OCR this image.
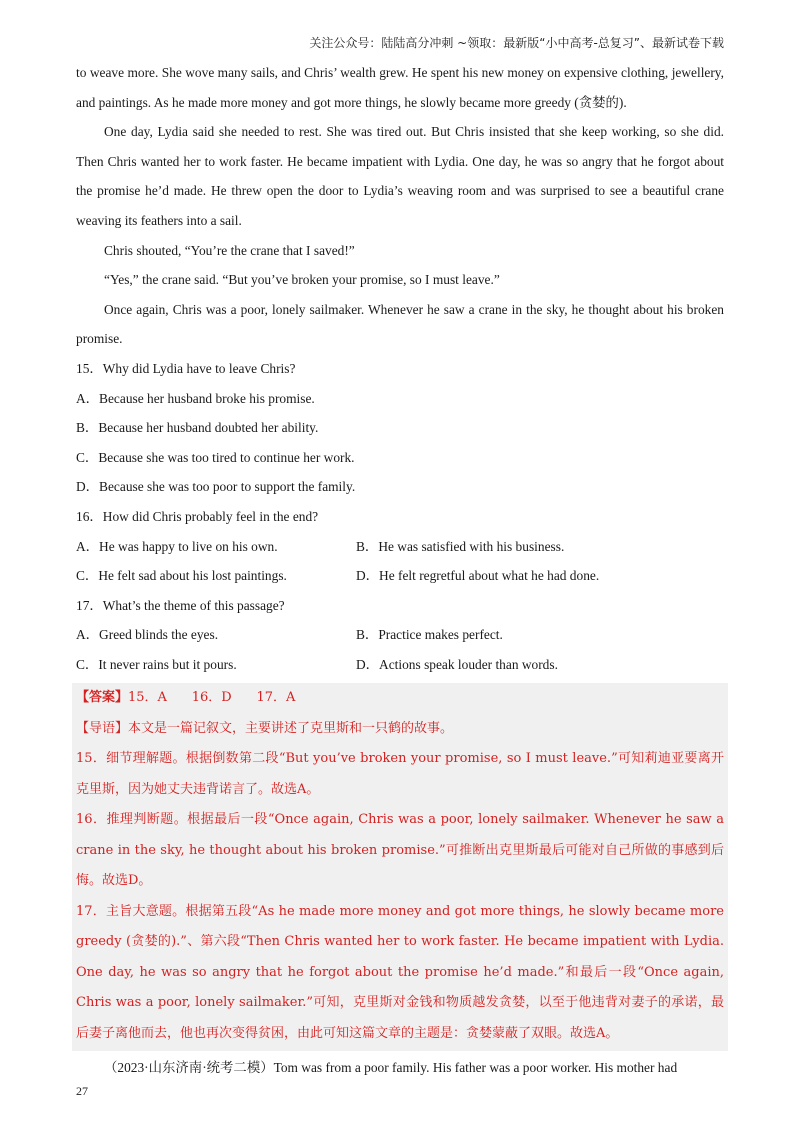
关注公众号：陆陆高分冲刺 ~领取：最新版“小中高考-总复习”、最新试卷下载

to weave more. She wove many sails, and Chris’ wealth grew. He spent his new money on expensive clothing, jewellery, and paintings. As he made more money and got more things, he slowly became more greedy (贪婪的).

One day, Lydia said she needed to rest. She was tired out. But Chris insisted that she keep working, so she did. Then Chris wanted her to work faster. He became impatient with Lydia. One day, he was so angry that he forgot about the promise he’d made. He threw open the door to Lydia’s weaving room and was surprised to see a beautiful crane weaving its feathers into a sail.

Chris shouted, “You’re the crane that I saved!”

“Yes,” the crane said. “But you’ve broken your promise, so I must leave.”

Once again, Chris was a poor, lonely sailmaker. Whenever he saw a crane in the sky, he thought about his broken promise.

15．Why did Lydia have to leave Chris?

A．Because her husband broke his promise.

B．Because her husband doubted her ability.

C．Because she was too tired to continue her work.

D．Because she was too poor to support the family.

16．How did Chris probably feel in the end?

A．He was happy to live on his own.	B．He was satisfied with his business.
C．He felt sad about his lost paintings.	D．He felt regretful about what he had done.

17．What’s the theme of this passage?

A．Greed blinds the eyes.	B．Practice makes perfect.
C．It never rains but it pours.	D．Actions speak louder than words.

【答案】15．A      16．D      17．A

【导语】本文是一篇记叙文，主要讲述了克里斯和一只鹤的故事。

15．细节理解题。根据倒数第二段“But you’ve broken your promise, so I must leave.”可知莉迪亚要离开克里斯，因为她丈夫违背诺言了。故选A。

16．推理判断题。根据最后一段“Once again, Chris was a poor, lonely sailmaker. Whenever he saw a crane in the sky, he thought about his broken promise.”可推断出克里斯最后可能对自己所做的事感到后悔。故选D。

17．主旨大意题。根据第五段“As he made more money and got more things, he slowly became more greedy (贪婪的).”、第六段“Then Chris wanted her to work faster. He became impatient with Lydia. One day, he was so angry that he forgot about the promise he’d made.”和最后一段“Once again, Chris was a poor, lonely sailmaker.”可知，克里斯对金钱和物质越发贪婪，以至于他违背对妻子的承诺，最后妻子离他而去，他也再次变得贫困，由此可知这篇文章的主题是：贪婪蒙蔽了双眼。故选A。

（2023·山东济南·统考二模）Tom was from a poor family. His father was a poor worker. His mother had

27
